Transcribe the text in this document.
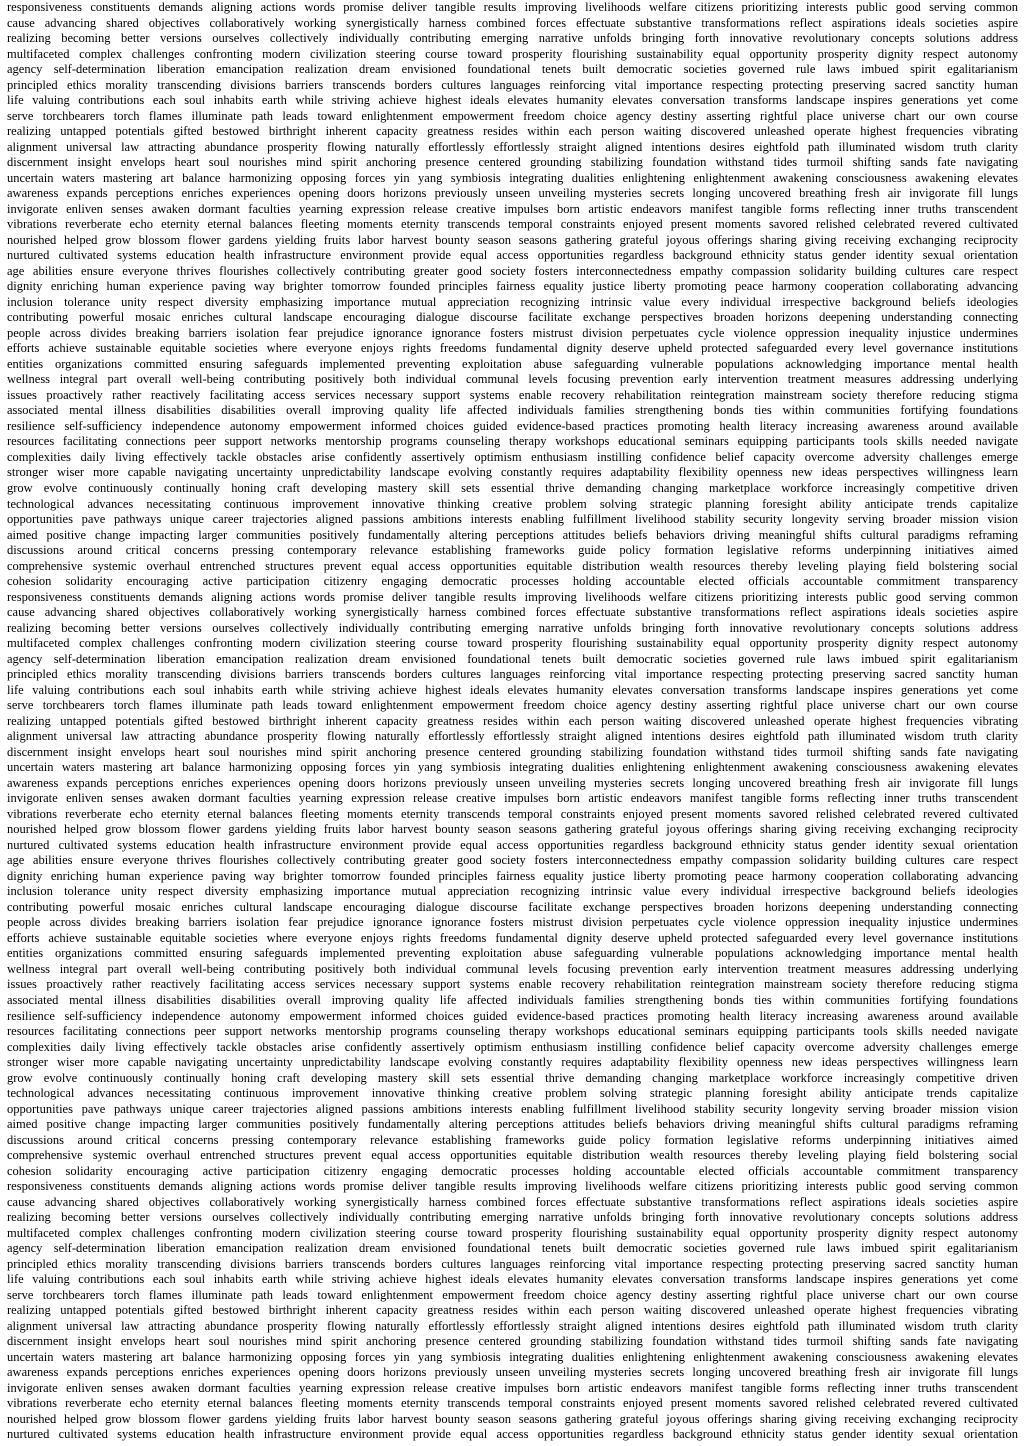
responsiveness constituents demands aligning actions words promise deliver tangible results improving livelihoods welfare citizens prioritizing interests public good serving common
cause advancing shared objectives collaboratively working synergistically harness combined forces effectuate substantive transformations reflect aspirations ideals societies aspire
realizing becoming better versions ourselves collectively individually contributing emerging narrative unfolds bringing forth innovative revolutionary concepts solutions address
multifaceted complex challenges confronting modern civilization steering course toward prosperity flourishing sustainability equal opportunity prosperity dignity respect autonomy
agency self-determination liberation emancipation realization dream envisioned foundational tenets built democratic societies governed rule laws imbued spirit egalitarianism
principled ethics morality transcending divisions barriers transcends borders cultures languages reinforcing vital importance respecting protecting preserving sacred sanctity human
life valuing contributions each soul inhabits earth while striving achieve highest ideals elevates humanity elevates conversation transforms landscape inspires generations yet come
serve torchbearers torch flames illuminate path leads toward enlightenment empowerment freedom choice agency destiny asserting rightful place universe chart our own course
realizing untapped potentials gifted bestowed birthright inherent capacity greatness resides within each person waiting discovered unleashed operate highest frequencies vibrating
alignment universal law attracting abundance prosperity flowing naturally effortlessly effortlessly straight aligned intentions desires eightfold path illuminated wisdom truth clarity
discernment insight envelops heart soul nourishes mind spirit anchoring presence centered grounding stabilizing foundation withstand tides turmoil shifting sands fate navigating
uncertain waters mastering art balance harmonizing opposing forces yin yang symbiosis integrating dualities enlightening enlightenment awakening consciousness awakening elevates
awareness expands perceptions enriches experiences opening doors horizons previously unseen unveiling mysteries secrets longing uncovered breathing fresh air invigorate fill lungs
invigorate enliven senses awaken dormant faculties yearning expression release creative impulses born artistic endeavors manifest tangible forms reflecting inner truths transcendent
vibrations reverberate echo eternity eternal balances fleeting moments eternity transcends temporal constraints enjoyed present moments savored relished celebrated revered cultivated
nourished helped grow blossom flower gardens yielding fruits labor harvest bounty season seasons gathering grateful joyous offerings sharing giving receiving exchanging reciprocity
nurtured cultivated systems education health infrastructure environment provide equal access opportunities regardless background ethnicity status gender identity sexual orientation
age abilities ensure everyone thrives flourishes collectively contributing greater good society fosters interconnectedness empathy compassion solidarity building cultures care respect
dignity enriching human experience paving way brighter tomorrow founded principles fairness equality justice liberty promoting peace harmony cooperation collaborating advancing
inclusion tolerance unity respect diversity emphasizing importance mutual appreciation recognizing intrinsic value every individual irrespective background beliefs ideologies
contributing powerful mosaic enriches cultural landscape encouraging dialogue discourse facilitate exchange perspectives broaden horizons deepening understanding connecting
people across divides breaking barriers isolation fear prejudice ignorance ignorance fosters mistrust division perpetuates cycle violence oppression inequality injustice undermines
efforts achieve sustainable equitable societies where everyone enjoys rights freedoms fundamental dignity deserve upheld protected safeguarded every level governance institutions
entities organizations committed ensuring safeguards implemented preventing exploitation abuse safeguarding vulnerable populations acknowledging importance mental health
wellness integral part overall well-being contributing positively both individual communal levels focusing prevention early intervention treatment measures addressing underlying
issues proactively rather reactively facilitating access services necessary support systems enable recovery rehabilitation reintegration mainstream society therefore reducing stigma
associated mental illness disabilities disabilities overall improving quality life affected individuals families strengthening bonds ties within communities fortifying foundations
resilience self-sufficiency independence autonomy empowerment informed choices guided evidence-based practices promoting health literacy increasing awareness around available
resources facilitating connections peer support networks mentorship programs counseling therapy workshops educational seminars equipping participants tools skills needed navigate
complexities daily living effectively tackle obstacles arise confidently assertively optimism enthusiasm instilling confidence belief capacity overcome adversity challenges emerge
stronger wiser more capable navigating uncertainty unpredictability landscape evolving constantly requires adaptability flexibility openness new ideas perspectives willingness learn
grow evolve continuously continually honing craft developing mastery skill sets essential thrive demanding changing marketplace workforce increasingly competitive driven
technological advances necessitating continuous improvement innovative thinking creative problem solving strategic planning foresight ability anticipate trends capitalize
opportunities pave pathways unique career trajectories aligned passions ambitions interests enabling fulfillment livelihood stability security longevity serving broader mission vision
aimed positive change impacting larger communities positively fundamentally altering perceptions attitudes beliefs behaviors driving meaningful shifts cultural paradigms reframing
discussions around critical concerns pressing contemporary relevance establishing frameworks guide policy formation legislative reforms underpinning initiatives aimed
comprehensive systemic overhaul entrenched structures prevent equal access opportunities equitable distribution wealth resources thereby leveling playing field bolstering social
cohesion solidarity encouraging active participation citizenry engaging democratic processes holding accountable elected officials accountable commitment transparency
responsiveness constituents demands aligning actions words promise deliver tangible results improving livelihoods welfare citizens prioritizing interests public good serving common
cause advancing shared objectives collaboratively working synergistically harness combined forces effectuate substantive transformations reflect aspirations ideals societies aspire
realizing becoming better versions ourselves collectively individually contributing emerging narrative unfolds bringing forth innovative revolutionary concepts solutions address
multifaceted complex challenges confronting modern civilization steering course toward prosperity flourishing sustainability equal opportunity prosperity dignity respect autonomy
agency self-determination liberation emancipation realization dream envisioned foundational tenets built democratic societies governed rule laws imbued spirit egalitarianism
principled ethics morality transcending divisions barriers transcends borders cultures languages reinforcing vital importance respecting protecting preserving sacred sanctity human
life valuing contributions each soul inhabits earth while striving achieve highest ideals elevates humanity elevates conversation transforms landscape inspires generations yet come
serve torchbearers torch flames illuminate path leads toward enlightenment empowerment freedom choice agency destiny asserting rightful place universe chart our own course
realizing untapped potentials gifted bestowed birthright inherent capacity greatness resides within each person waiting discovered unleashed operate highest frequencies vibrating
alignment universal law attracting abundance prosperity flowing naturally effortlessly effortlessly straight aligned intentions desires eightfold path illuminated wisdom truth clarity
discernment insight envelops heart soul nourishes mind spirit anchoring presence centered grounding stabilizing foundation withstand tides turmoil shifting sands fate navigating
uncertain waters mastering art balance harmonizing opposing forces yin yang symbiosis integrating dualities enlightening enlightenment awakening consciousness awakening elevates
awareness expands perceptions enriches experiences opening doors horizons previously unseen unveiling mysteries secrets longing uncovered breathing fresh air invigorate fill lungs
invigorate enliven senses awaken dormant faculties yearning expression release creative impulses born artistic endeavors manifest tangible forms reflecting inner truths transcendent
vibrations reverberate echo eternity eternal balances fleeting moments eternity transcends temporal constraints enjoyed present moments savored relished celebrated revered cultivated
nourished helped grow blossom flower gardens yielding fruits labor harvest bounty season seasons gathering grateful joyous offerings sharing giving receiving exchanging reciprocity
nurtured cultivated systems education health infrastructure environment provide equal access opportunities regardless background ethnicity status gender identity sexual orientation
age abilities ensure everyone thrives flourishes collectively contributing greater good society fosters interconnectedness empathy compassion solidarity building cultures care respect
dignity enriching human experience paving way brighter tomorrow founded principles fairness equality justice liberty promoting peace harmony cooperation collaborating advancing
inclusion tolerance unity respect diversity emphasizing importance mutual appreciation recognizing intrinsic value every individual irrespective background beliefs ideologies
contributing powerful mosaic enriches cultural landscape encouraging dialogue discourse facilitate exchange perspectives broaden horizons deepening understanding connecting
people across divides breaking barriers isolation fear prejudice ignorance ignorance fosters mistrust division perpetuates cycle violence oppression inequality injustice undermines
efforts achieve sustainable equitable societies where everyone enjoys rights freedoms fundamental dignity deserve upheld protected safeguarded every level governance institutions
entities organizations committed ensuring safeguards implemented preventing exploitation abuse safeguarding vulnerable populations acknowledging importance mental health
wellness integral part overall well-being contributing positively both individual communal levels focusing prevention early intervention treatment measures addressing underlying
issues proactively rather reactively facilitating access services necessary support systems enable recovery rehabilitation reintegration mainstream society therefore reducing stigma
associated mental illness disabilities disabilities overall improving quality life affected individuals families strengthening bonds ties within communities fortifying foundations
resilience self-sufficiency independence autonomy empowerment informed choices guided evidence-based practices promoting health literacy increasing awareness around available
resources facilitating connections peer support networks mentorship programs counseling therapy workshops educational seminars equipping participants tools skills needed navigate
complexities daily living effectively tackle obstacles arise confidently assertively optimism enthusiasm instilling confidence belief capacity overcome adversity challenges emerge
stronger wiser more capable navigating uncertainty unpredictability landscape evolving constantly requires adaptability flexibility openness new ideas perspectives willingness learn
grow evolve continuously continually honing craft developing mastery skill sets essential thrive demanding changing marketplace workforce increasingly competitive driven
technological advances necessitating continuous improvement innovative thinking creative problem solving strategic planning foresight ability anticipate trends capitalize
opportunities pave pathways unique career trajectories aligned passions ambitions interests enabling fulfillment livelihood stability security longevity serving broader mission vision
aimed positive change impacting larger communities positively fundamentally altering perceptions attitudes beliefs behaviors driving meaningful shifts cultural paradigms reframing
discussions around critical concerns pressing contemporary relevance establishing frameworks guide policy formation legislative reforms underpinning initiatives aimed
comprehensive systemic overhaul entrenched structures prevent equal access opportunities equitable distribution wealth resources thereby leveling playing field bolstering social
cohesion solidarity encouraging active participation citizenry engaging democratic processes holding accountable elected officials accountable commitment transparency
responsiveness constituents demands aligning actions words promise deliver tangible results improving livelihoods welfare citizens prioritizing interests public good serving common
cause advancing shared objectives collaboratively working synergistically harness combined forces effectuate substantive transformations reflect aspirations ideals societies aspire
realizing becoming better versions ourselves collectively individually contributing emerging narrative unfolds bringing forth innovative revolutionary concepts solutions address
multifaceted complex challenges confronting modern civilization steering course toward prosperity flourishing sustainability equal opportunity prosperity dignity respect autonomy
agency self-determination liberation emancipation realization dream envisioned foundational tenets built democratic societies governed rule laws imbued spirit egalitarianism
principled ethics morality transcending divisions barriers transcends borders cultures languages reinforcing vital importance respecting protecting preserving sacred sanctity human
life valuing contributions each soul inhabits earth while striving achieve highest ideals elevates humanity elevates conversation transforms landscape inspires generations yet come
serve torchbearers torch flames illuminate path leads toward enlightenment empowerment freedom choice agency destiny asserting rightful place universe chart our own course
realizing untapped potentials gifted bestowed birthright inherent capacity greatness resides within each person waiting discovered unleashed operate highest frequencies vibrating
alignment universal law attracting abundance prosperity flowing naturally effortlessly effortlessly straight aligned intentions desires eightfold path illuminated wisdom truth clarity
discernment insight envelops heart soul nourishes mind spirit anchoring presence centered grounding stabilizing foundation withstand tides turmoil shifting sands fate navigating
uncertain waters mastering art balance harmonizing opposing forces yin yang symbiosis integrating dualities enlightening enlightenment awakening consciousness awakening elevates
awareness expands perceptions enriches experiences opening doors horizons previously unseen unveiling mysteries secrets longing uncovered breathing fresh air invigorate fill lungs
invigorate enliven senses awaken dormant faculties yearning expression release creative impulses born artistic endeavors manifest tangible forms reflecting inner truths transcendent
vibrations reverberate echo eternity eternal balances fleeting moments eternity transcends temporal constraints enjoyed present moments savored relished celebrated revered cultivated
nourished helped grow blossom flower gardens yielding fruits labor harvest bounty season seasons gathering grateful joyous offerings sharing giving receiving exchanging reciprocity
nurtured cultivated systems education health infrastructure environment provide equal access opportunities regardless background ethnicity status gender identity sexual orientation
